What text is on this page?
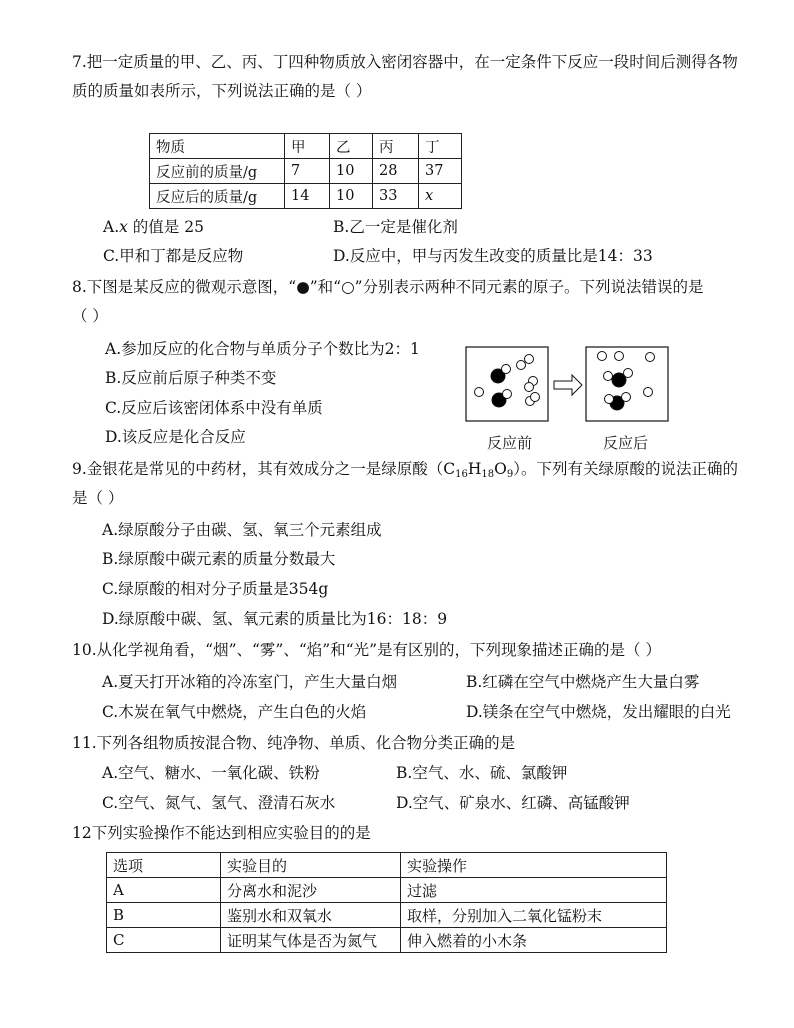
7.把一定质量的甲、乙、丙、丁四种物质放入密闭容器中，在一定条件下反应一段时间后测得各物
质的质量如表所示，下列说法正确的是（ ）
物质	甲	乙	丙	丁
反应前的质量/g	7	10	28	37
反应后的质量/g	14	10	33	x
A.x 的值是 25	B.乙一定是催化剂
C.甲和丁都是反应物	D.反应中，甲与丙发生改变的质量比是14：33
8.下图是某反应的微观示意图，“●”和“○”分别表示两种不同元素的原子。下列说法错误的是
（ ）
A.参加反应的化合物与单质分子个数比为2：1
B.反应前后原子种类不变
C.反应后该密闭体系中没有单质
D.该反应是化合反应	反应前	反应后
9.金银花是常见的中药材，其有效成分之一是绿原酸$(C_{16}H_{18}O_9)$。下列有关绿原酸的说法正确的
是（ ）
A.绿原酸分子由碳、氢、氧三个元素组成
B.绿原酸中碳元素的质量分数最大
C.绿原酸的相对分子质量是354g
D.绿原酸中碳、氢、氧元素的质量比为16：18：9
10.从化学视角看，“烟”、“雾”、“焰”和“光”是有区别的，下列现象描述正确的是（ ）
A.夏天打开冰箱的冷冻室门，产生大量白烟	B.红磷在空气中燃烧产生大量白雾
C.木炭在氧气中燃烧，产生白色的火焰	D.镁条在空气中燃烧，发出耀眼的白光
11.下列各组物质按混合物、纯净物、单质、化合物分类正确的是
A.空气、糖水、一氧化碳、铁粉	B.空气、水、硫、氯酸钾
C.空气、氮气、氢气、澄清石灰水	D.空气、矿泉水、红磷、高锰酸钾
12下列实验操作不能达到相应实验目的的是
选项	实验目的	实验操作
A	分离水和泥沙	过滤
B	鉴别水和双氧水	取样，分别加入二氧化锰粉末
C	证明某气体是否为氮气	伸入燃着的小木条
